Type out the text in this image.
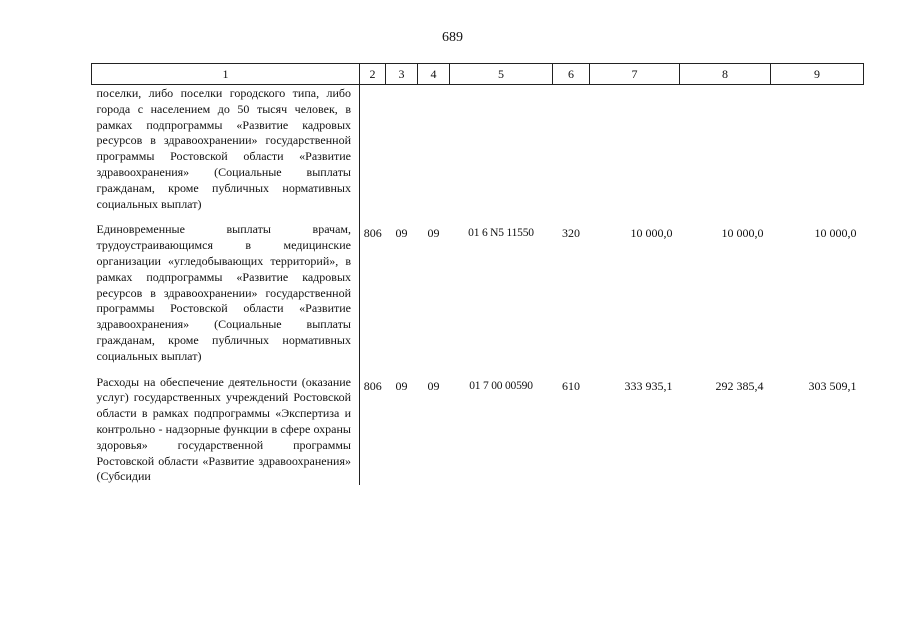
689
1	2	3	4	5	6	7	8	9

поселки, либо поселки городского типа, либо города с населением до 50 тысяч человек, в рамках подпрограммы «Развитие кадровых ресурсов в здравоохранении» государственной программы Ростовской области «Развитие здравоохранения» (Социальные выплаты гражданам, кроме публичных нормативных социальных выплат)								

Единовременные выплаты врачам, трудоустраивающимся в медицинские организации «угледобывающих территорий», в рамках подпрограммы «Развитие кадровых ресурсов в здравоохранении» государственной программы Ростовской области «Развитие здравоохранения» (Социальные выплаты гражданам, кроме публичных нормативных социальных выплат)	806	09	09	01 6 N5 11550	320	10 000,0	10 000,0	10 000,0

Расходы на обеспечение деятельности (оказание услуг) государственных учреждений Ростовской области в рамках подпрограммы «Экспертиза и контрольно - надзорные функции в сфере охраны здоровья» государственной программы Ростовской области «Развитие здравоохранения» (Субсидии	806	09	09	01 7 00 00590	610	333 935,1	292 385,4	303 509,1
